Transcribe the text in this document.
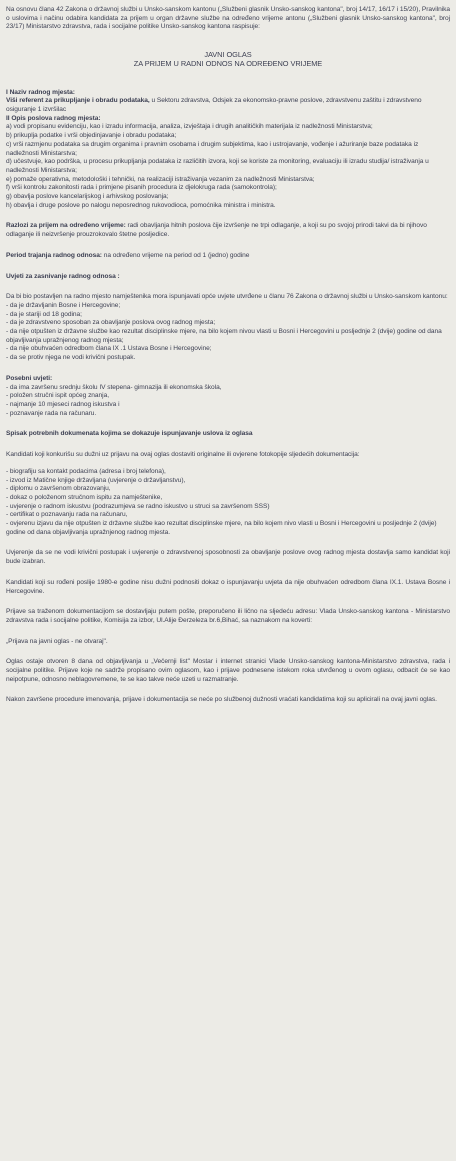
Na osnovu člana 42 Zakona o državnoj službi u Unsko-sanskom kantonu („Službeni glasnik Unsko-sanskog kantona", broj 14/17, 16/17 i 15/20), Pravilnika o uslovima i načinu odabira kandidata za prijem u organ državne službe na određeno vrijeme antonu („Službeni glasnik Unsko-sanskog kantona", broj 23/17) Ministarstvo zdravstva, rada i socijalne politike Unsko-sanskog kantona raspisuje:

JAVNI OGLAS

ZA PRIJEM U RADNI ODNOS NA ODREĐENO VRIJEME

I Naziv radnog mjesta:

Viši referent za prikupljanje i obradu podataka, u Sektoru zdravstva, Odsjek za ekonomsko-pravne poslove, zdravstvenu zaštitu i zdravstveno osiguranje 1 izvršilac

II Opis poslova radnog mjesta:

a) vodi propisanu evidenciju, kao i izradu informacija, analiza, izvještaja i drugih analitičkih materijala iz nadležnosti Ministarstva;

b) prikuplja podatke i vrši objedinjavanje i obradu podataka;

c) vrši razmjenu podataka sa drugim organima i pravnim osobama i drugim subjektima, kao i ustrojavanje, vođenje i ažuriranje baze podataka iz nadležnosti Ministarstva;

d) učestvuje, kao podrška, u procesu prikupljanja podataka iz različitih izvora, koji se koriste za monitoring, evaluaciju ili izradu studija/ istraživanja u nadležnosti Ministarstva;

e) pomaže operativna, metodološki i tehnički, na realizaciji istraživanja vezanim za nadležnosti Ministarstva;

f) vrši kontrolu zakonitosti rada i primjene pisanih procedura iz djelokruga rada (samokontrola);

g) obavlja poslove kancelarijskog i arhivskog poslovanja;

h) obavlja i druge poslove po nalogu neposrednog rukovodioca, pomoćnika ministra i ministra.

Razlozi za prijem na određeno vrijeme: radi obavljanja hitnih poslova čije izvršenje ne trpi odlaganje, a koji su po svojoj prirodi takvi da bi njihovo odlaganje ili neizvršenje prouzrokovalo štetne posljedice.

Period trajanja radnog odnosa: na određeno vrijeme na period od 1 (jedno) godine

Uvjeti za zasnivanje radnog odnosa :

Da bi bio postavljen na radno mjesto namještenika mora ispunjavati opće uvjete utvrđene u članu 76 Zakona o državnoj službi u Unsko-sanskom kantonu:

- da je državljanin Bosne i Hercegovine;

- da je stariji od 18 godina;

- da je zdravstveno sposoban za obavljanje poslova ovog radnog mjesta;

- da nije otpušten iz državne službe kao rezultat disciplinske mjere, na bilo kojem nivou vlasti u Bosni i Hercegovini u posljednje 2 (dvije) godine od dana objavljivanja upražnjenog radnog mjesta;

- da nije obuhvaćen odredbom člana IX .1 Ustava Bosne i Hercegovine;

- da se protiv njega ne vodi krivični postupak.

Posebni uvjeti:

- da ima završenu srednju školu IV stepena- gimnazija ili ekonomska škola,

- položen stručni ispit općeg znanja,

- najmanje 10 mjeseci radnog iskustva i

- poznavanje rada na računaru.

Spisak potrebnih dokumenata kojima se dokazuje ispunjavanje uslova iz oglasa

Kandidati koji konkurišu su dužni uz prijavu na ovaj oglas dostaviti originalne ili ovjerene fotokopije sljedećih dokumentacija:

- biografiju sa kontakt podacima (adresa i broj telefona),

- izvod iz Matične knjige državljana (uvjerenje o državljanstvu),

- diplomu o završenom obrazovanju,

- dokaz o položenom stručnom ispitu za namještenike,

- uvjerenje o radnom iskustvu (podrazumjeva se radno iskustvo u struci sa završenom SSS)

- certifikat o poznavanju rada na računaru,

- ovjerenu izjavu da nije otpušten iz državne službe kao rezultat disciplinske mjere, na bilo kojem nivo vlasti u Bosni i Hercegovini u posljednje 2 (dvije) godine od dana objavljivanja upražnjenog radnog mjesta.

Uvjerenje da se ne vodi krivični postupak i uvjerenje o zdravstvenoj sposobnosti za obavljanje poslove ovog radnog mjesta dostavlja samo kandidat koji bude izabran.

Kandidati koji su rođeni poslije 1980-e godine nisu dužni podnositi dokaz o ispunjavanju uvjeta da nije obuhvaćen odredbom člana IX.1. Ustava Bosne i Hercegovine.

Prijave sa traženom dokumentacijom se dostavljaju putem pošte, preporučeno ili lično na sljedeću adresu: Vlada Unsko-sanskog kantona - Ministarstvo zdravstva rada i socijalne politike, Komisija za izbor, Ul.Alije Đerzeleza br.6,Bihać, sa naznakom na koverti:

„Prijava na javni oglas - ne otvaraj".

Oglas ostaje otvoren 8 dana od objavljivanja u „Večernji list" Mostar i internet stranici Vlade Unsko-sanskog kantona-Ministarstvo zdravstva, rada i socijalne politike. Prijave koje ne sadrže propisano ovim oglasom, kao i prijave podnesene istekom roka utvrđenog u ovom oglasu, odbacit će se kao neipotpune, odnosno neblagovremene, te se kao takve neće uzeti u razmatranje.

Nakon završene procedure imenovanja, prijave i dokumentacija se neće po službenoj dužnosti vraćati kandidatima koji su aplicirali na ovaj javni oglas.
